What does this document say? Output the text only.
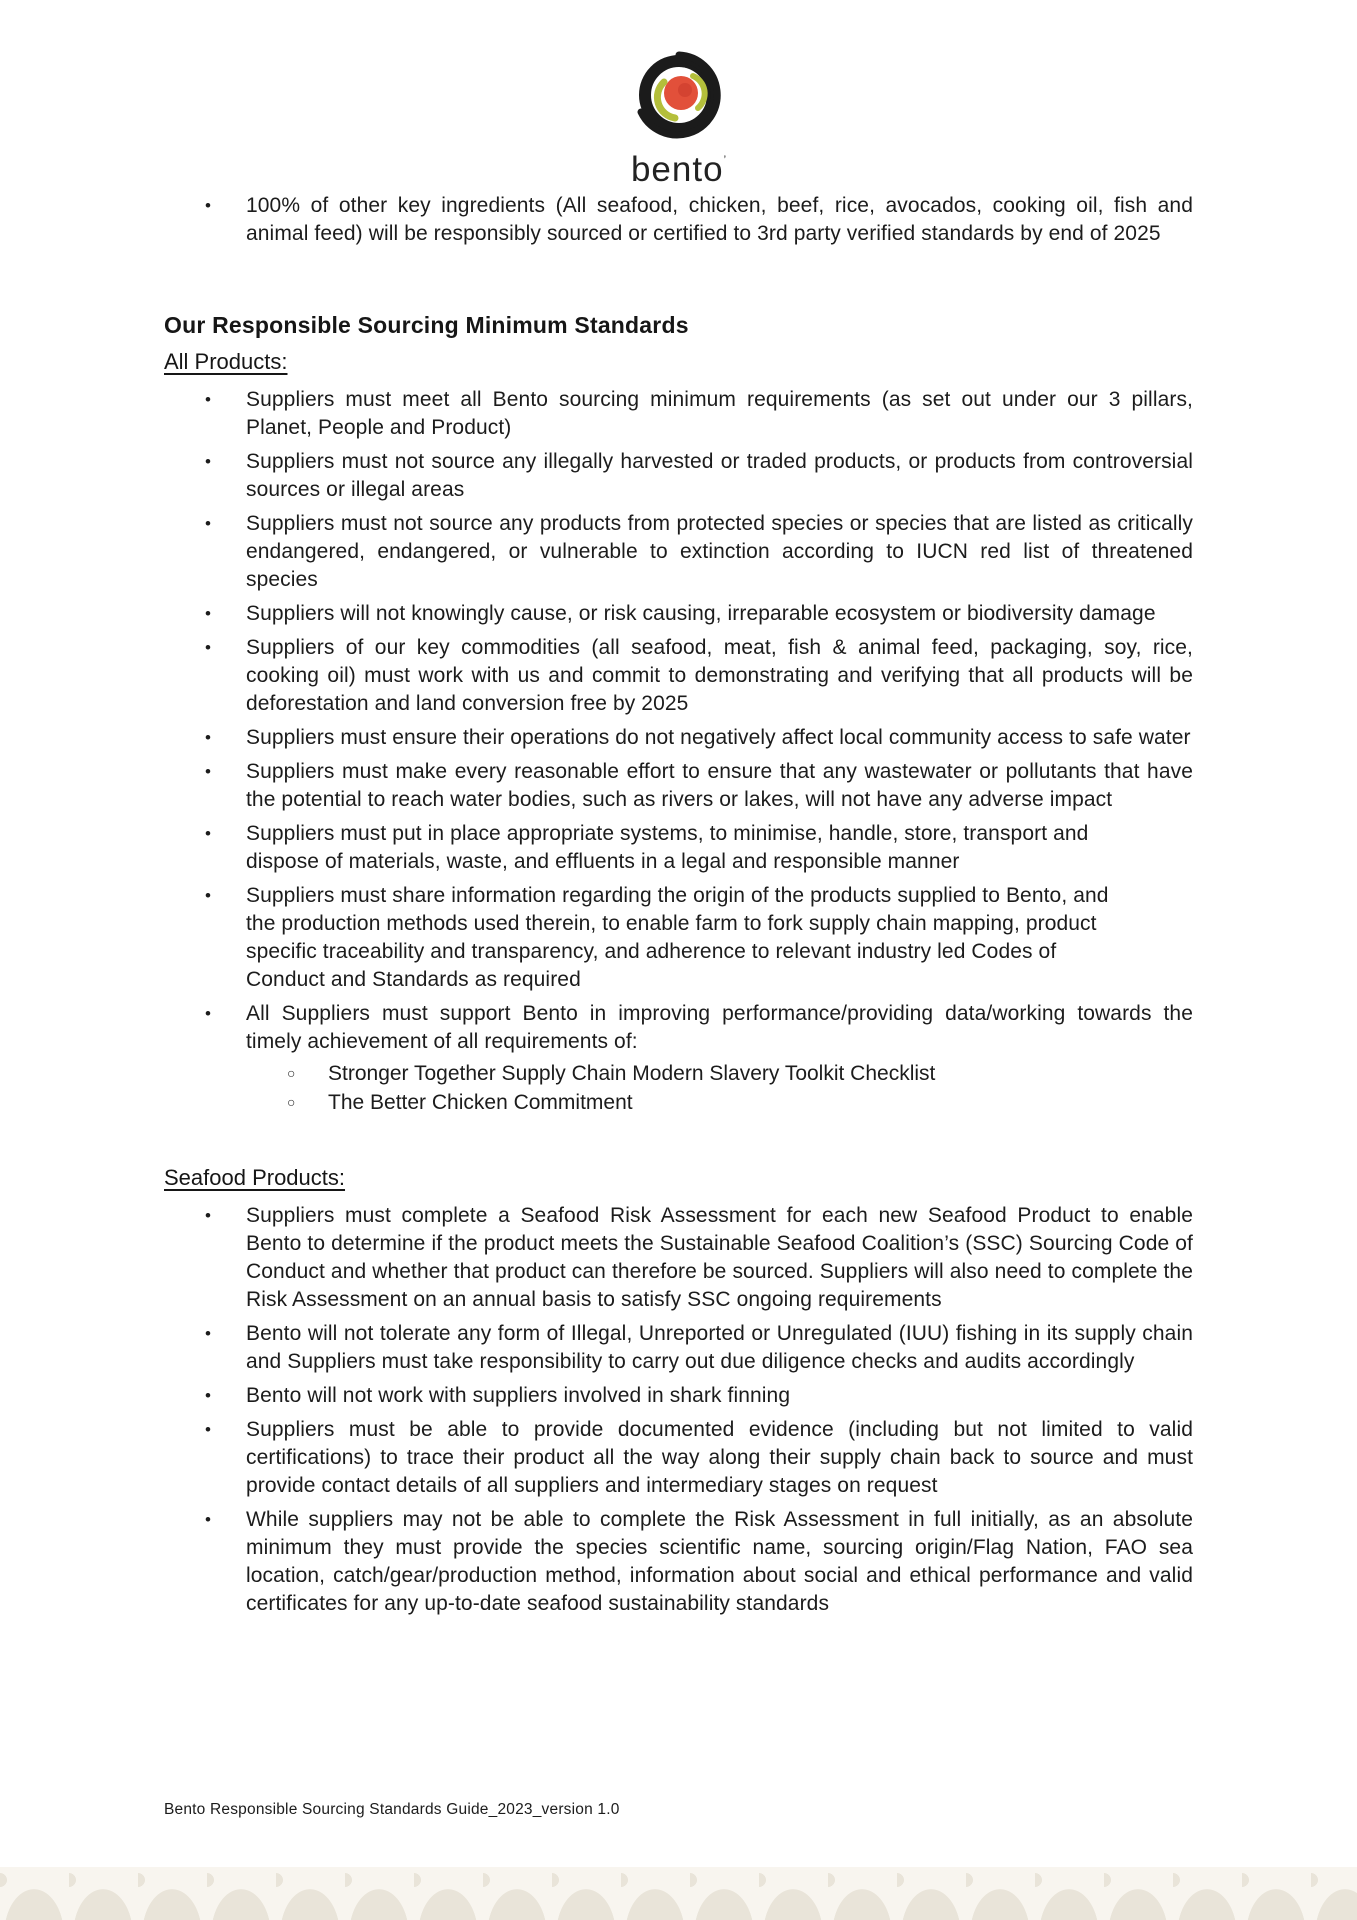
bento’
•	100% of other key ingredients (All seafood, chicken, beef, rice, avocados, cooking oil, fish and animal feed) will be responsibly sourced or certified to 3rd party verified standards by end of 2025
Our Responsible Sourcing Minimum Standards
All Products:
•	Suppliers must meet all Bento sourcing minimum requirements (as set out under our 3 pillars, Planet, People and Product)
•	Suppliers must not source any illegally harvested or traded products, or products from controversial sources or illegal areas
•	Suppliers must not source any products from protected species or species that are listed as critically endangered, endangered, or vulnerable to extinction according to IUCN red list of threatened species
•	Suppliers will not knowingly cause, or risk causing, irreparable ecosystem or biodiversity damage
•	Suppliers of our key commodities (all seafood, meat, fish & animal feed, packaging, soy, rice, cooking oil) must work with us and commit to demonstrating and verifying that all products will be deforestation and land conversion free by 2025
•	Suppliers must ensure their operations do not negatively affect local community access to safe water
•	Suppliers must make every reasonable effort to ensure that any wastewater or pollutants that have the potential to reach water bodies, such as rivers or lakes, will not have any adverse impact
•	Suppliers must put in place appropriate systems, to minimise, handle, store, transport and dispose of materials, waste, and effluents in a legal and responsible manner
•	Suppliers must share information regarding the origin of the products supplied to Bento, and the production methods used therein, to enable farm to fork supply chain mapping, product specific traceability and transparency, and adherence to relevant industry led Codes of Conduct and Standards as required
•	All Suppliers must support Bento in improving performance/providing data/working towards the timely achievement of all requirements of:
○	Stronger Together Supply Chain Modern Slavery Toolkit Checklist
○	The Better Chicken Commitment
Seafood Products:
•	Suppliers must complete a Seafood Risk Assessment for each new Seafood Product to enable Bento to determine if the product meets the Sustainable Seafood Coalition’s (SSC) Sourcing Code of Conduct and whether that product can therefore be sourced. Suppliers will also need to complete the Risk Assessment on an annual basis to satisfy SSC ongoing requirements
•	Bento will not tolerate any form of Illegal, Unreported or Unregulated (IUU) fishing in its supply chain and Suppliers must take responsibility to carry out due diligence checks and audits accordingly
•	Bento will not work with suppliers involved in shark finning
•	Suppliers must be able to provide documented evidence (including but not limited to valid certifications) to trace their product all the way along their supply chain back to source and must provide contact details of all suppliers and intermediary stages on request
•	While suppliers may not be able to complete the Risk Assessment in full initially, as an absolute minimum they must provide the species scientific name, sourcing origin/Flag Nation, FAO sea location, catch/gear/production method, information about social and ethical performance and valid certificates for any up-to-date seafood sustainability standards
Bento Responsible Sourcing Standards Guide_2023_version 1.0
